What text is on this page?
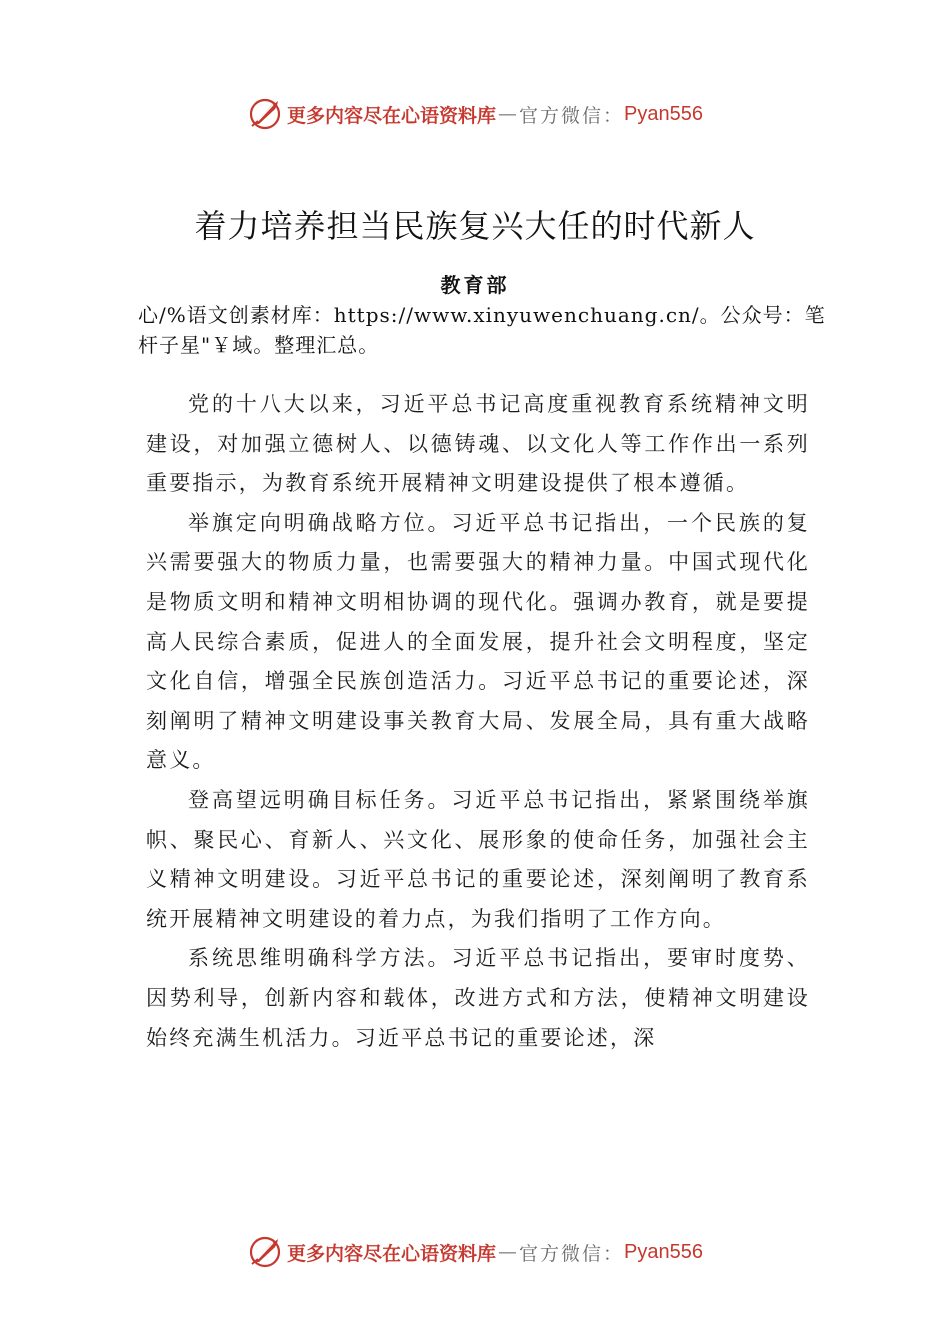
更多内容尽在心语资料库 — 官方微信： Pyan556
着力培养担当民族复兴大任的时代新人
教育部

心/%语文创素材库：https://www.xinyuwenchuang.cn/。公众号：笔杆子星"￥域。整理汇总。

党的十八大以来，习近平总书记高度重视教育系统精神文明建设，对加强立德树人、以德铸魂、以文化人等工作作出一系列重要指示，为教育系统开展精神文明建设提供了根本遵循。

举旗定向明确战略方位。习近平总书记指出，一个民族的复兴需要强大的物质力量，也需要强大的精神力量。中国式现代化是物质文明和精神文明相协调的现代化。强调办教育，就是要提高人民综合素质，促进人的全面发展，提升社会文明程度，坚定文化自信，增强全民族创造活力。习近平总书记的重要论述，深刻阐明了精神文明建设事关教育大局、发展全局，具有重大战略意义。

登高望远明确目标任务。习近平总书记指出，紧紧围绕举旗帜、聚民心、育新人、兴文化、展形象的使命任务，加强社会主义精神文明建设。习近平总书记的重要论述，深刻阐明了教育系统开展精神文明建设的着力点，为我们指明了工作方向。

系统思维明确科学方法。习近平总书记指出，要审时度势、因势利导，创新内容和载体，改进方式和方法，使精神文明建设始终充满生机活力。习近平总书记的重要论述，深

更多内容尽在心语资料库 — 官方微信： Pyan556
